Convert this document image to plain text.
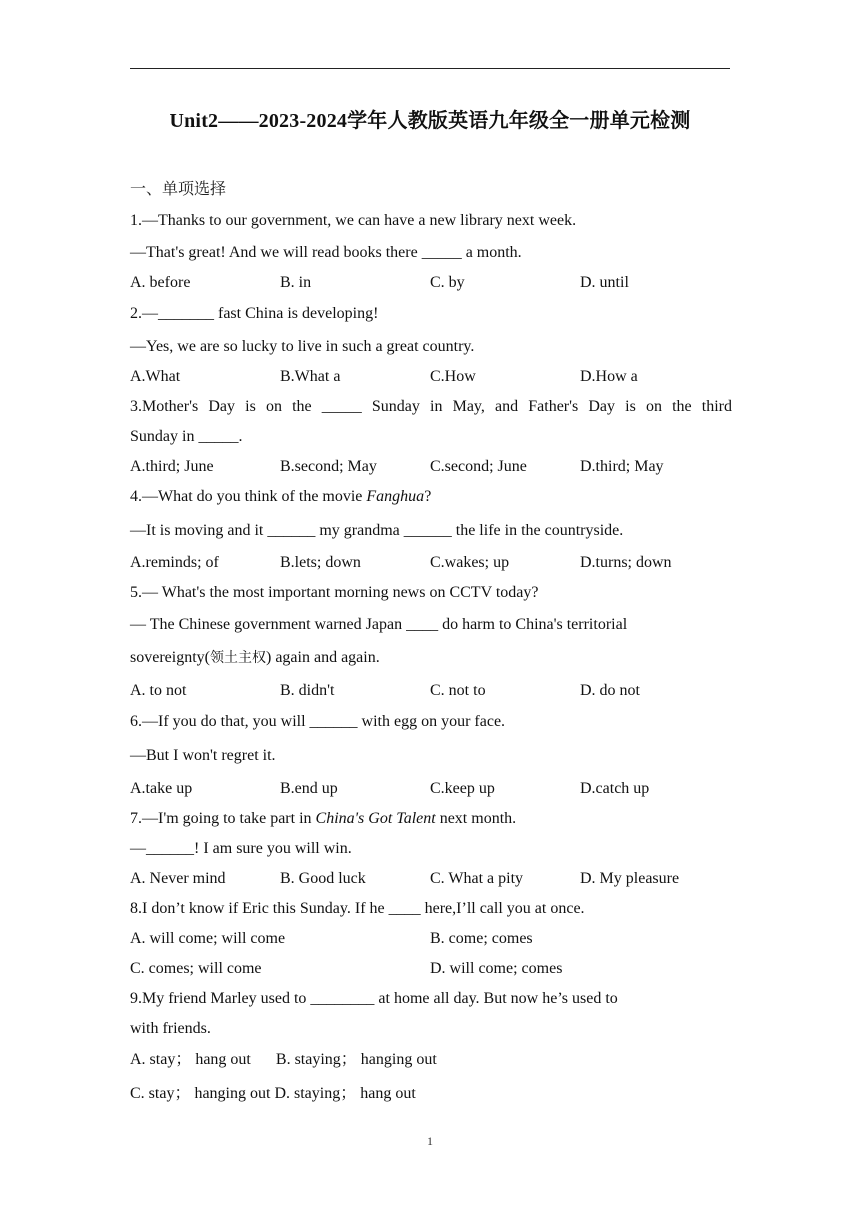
Unit2——2023-2024学年人教版英语九年级全一册单元检测
一、单项选择
1.—Thanks to our government, we can have a new library next week.
—That's great! And we will read books there _____ a month.
A. before	B. in	C. by	D. until
2.—_______ fast China is developing!
—Yes, we are so lucky to live in such a great country.
A.What	B.What a	C.How	D.How a
3.Mother's Day is on the _____ Sunday in May, and Father's Day is on the third
Sunday in _____.
A.third; June	B.second; May	C.second; June	D.third; May
4.—What do you think of the movie Fanghua?
—It is moving and it ______ my grandma ______ the life in the countryside.
A.reminds; of	B.lets; down	C.wakes; up	D.turns; down
5.— What's the most important morning news on CCTV today?
— The Chinese government warned Japan ____ do harm to China's territorial
sovereignty(领土主权) again and again.
A. to not	B. didn't	C. not to	D. do not
6.—If you do that, you will ______ with egg on your face.
—But I won't regret it.
A.take up	B.end up	C.keep up	D.catch up
7.—I'm going to take part in China's Got Talent next month.
—______! I am sure you will win.
A. Never mind	B. Good luck	C. What a pity	D. My pleasure
8.I don’t know if Eric this Sunday. If he ____ here,I’ll call you at once.
A. will come; will come	B. come; comes
C. comes; will come	D. will come; comes
9.My friend Marley used to ________ at home all day. But now he’s used to
with friends.
A. stay； hang out B. staying； hanging out
C. stay； hanging out D. staying； hang out
1
